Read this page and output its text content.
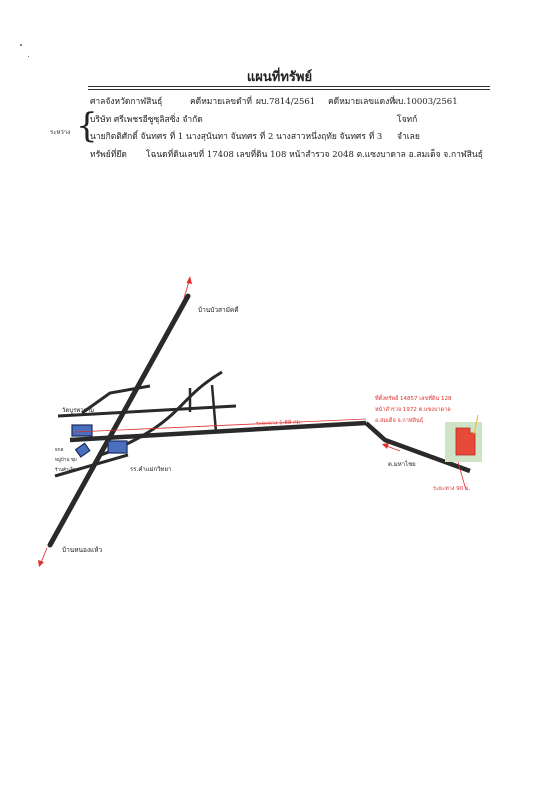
แผนที่ทรัพย์
ศาลจังหวัดกาฬสินธุ์	คดีหมายเลขดำที่ ผบ.7814/2561 คดีหมายเลขแดงที่
ผบ.10003/2561
ระหว่าง {
บริษัท ศรีเพชรอีซูซุลิสซิ่ง จำกัด	โจทก์
นายกิตติศักดิ์ จันทศร ที่ 1 นางสุนันทา จันทศร ที่ 2 นางสาวหนึ่งฤทัย จันทศร ที่ 3 จำเลย
ทรัพย์ที่ยึด โฉนดที่ดินเลขที่ 17408 เลขที่ดิน 108 หน้าสำรวจ 2048 ต.แซงบาดาล อ.สมเด็จ จ.กาฬสินธุ์
บ้านบัวสามัคคี
บ้านหนองแห้ว
วัดบูรพาราม
ธกส.
หมู่บ้าน ชุม
ร้านค้าเล็ก	รร.คำแม่กวิทยา
ระยะทาง 1.88 กม.
ต.มหาไชย
ระยะทาง 90 ม.
ที่ตั้งทรัพย์ 14857 เลขที่ดิน 128
หน้าสำรวจ 1972 ต.แซงบาดาล
อ.สมเด็จ จ.กาฬสินธุ์
